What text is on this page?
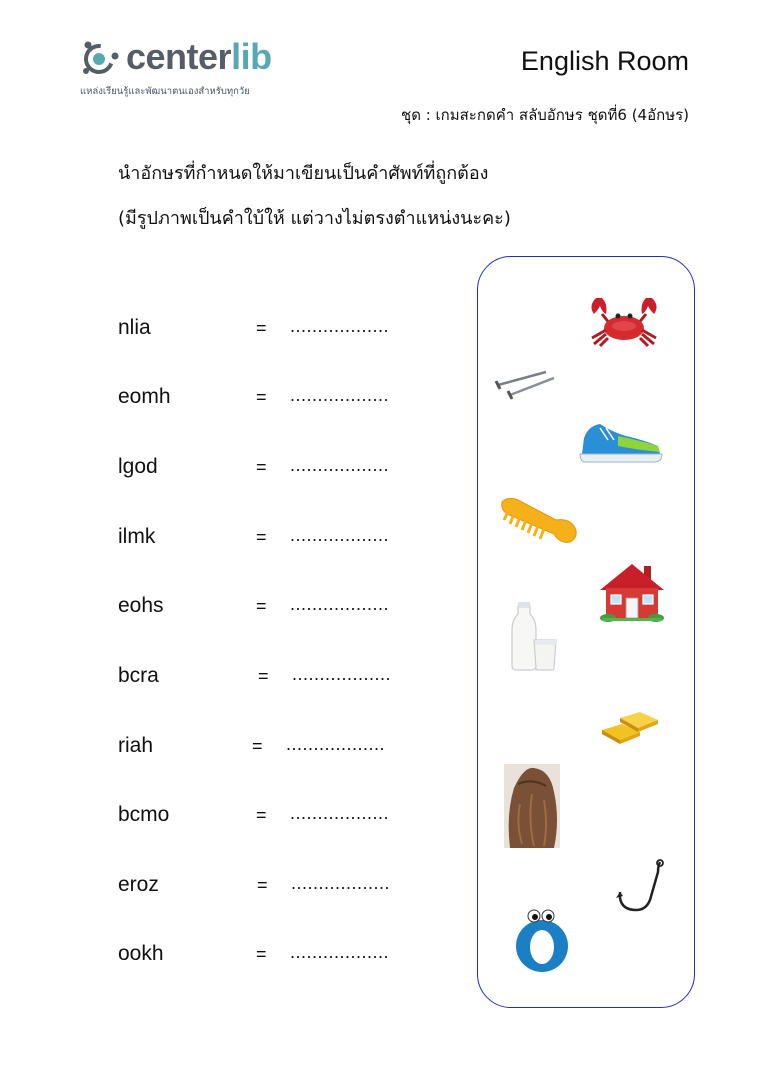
centerlib
แหล่งเรียนรู้และพัฒนาตนเองสำหรับทุกวัย
English Room
ชุด : เกมสะกดคำ สลับอักษร ชุดที่6 (4อักษร)
นำอักษรที่กำหนดให้มาเขียนเป็นคำศัพท์ที่ถูกต้อง
(มีรูปภาพเป็นคำใบ้ให้ แต่วางไม่ตรงตำแหน่งนะคะ)
nlia	= ..................
eomh	= ..................
lgod	= ..................
ilmk	= ..................
eohs	= ..................
bcra	= ..................
riah	= ..................
bcmo	= ..................
eroz	= ..................
ookh	= ..................
